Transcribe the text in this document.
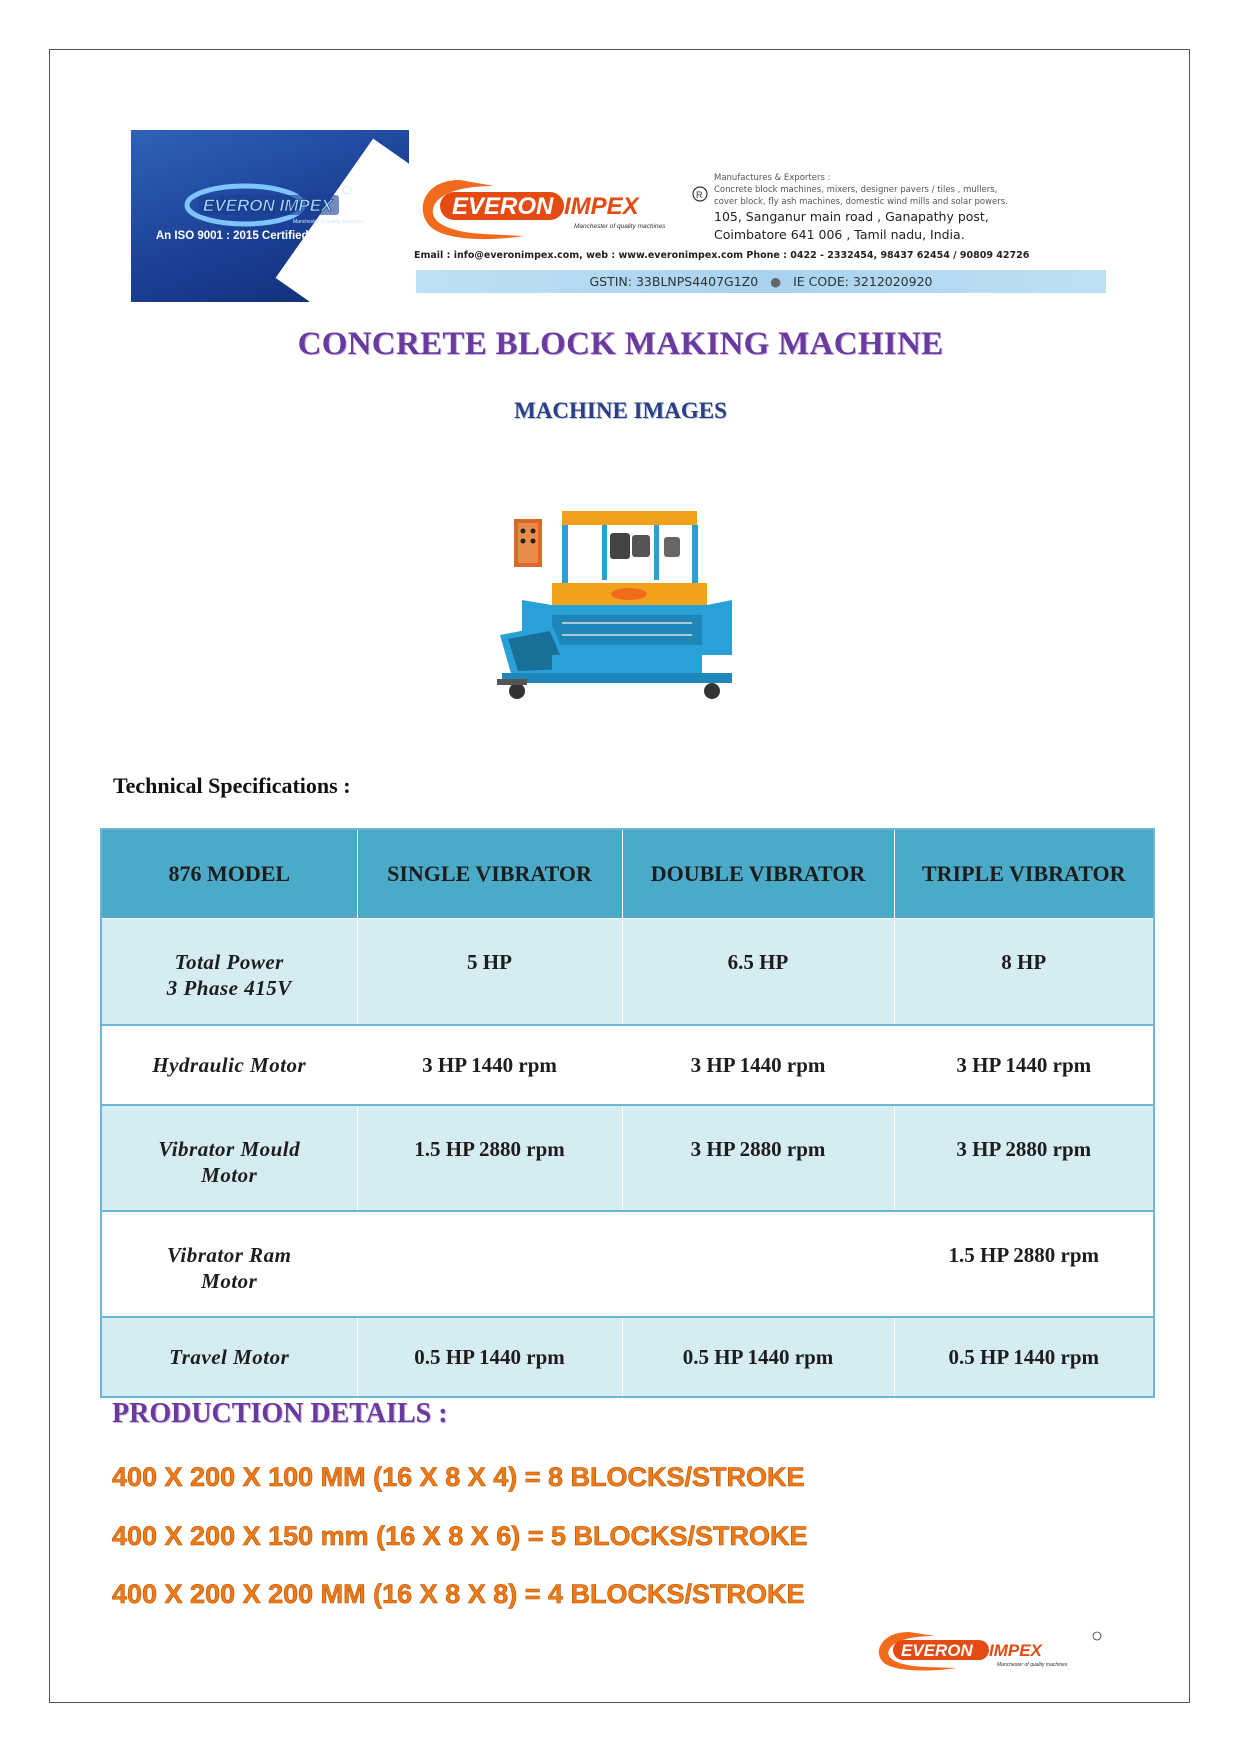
EVERON IMPEX
Manchester of quality machines
An ISO 9001 : 2015 Certified Company
EVERON IMPEX
Manchester of quality machines
R
Manufactures & Exporters :
Concrete block machines, mixers, designer pavers / tiles , mullers,
cover block, fly ash machines, domestic wind mills and solar powers.
105, Sanganur main road , Ganapathy post,
Coimbatore 641 006 , Tamil nadu, India.
Email : info@everonimpex.com, web : www.everonimpex.com Phone : 0422 - 2332454, 98437 62454 / 90809 42726
GSTIN: 33BLNPS4407G1Z0 ● IE CODE: 3212020920
CONCRETE BLOCK MAKING MACHINE
MACHINE IMAGES
Technical Specifications :
876 MODEL	SINGLE VIBRATOR	DOUBLE VIBRATOR	TRIPLE VIBRATOR
Total Power
3 Phase 415V	5 HP	6.5 HP	8 HP
Hydraulic Motor	3 HP 1440 rpm	3 HP 1440 rpm	3 HP 1440 rpm
Vibrator Mould
Motor	1.5 HP 2880 rpm	3 HP 2880 rpm	3 HP 2880 rpm
Vibrator Ram
Motor			1.5 HP 2880 rpm
Travel Motor	0.5 HP 1440 rpm	0.5 HP 1440 rpm	0.5 HP 1440 rpm
PRODUCTION DETAILS :
400 X 200 X 100 MM (16 X 8 X 4) = 8 BLOCKS/STROKE
400 X 200 X 150 mm (16 X 8 X 6) = 5 BLOCKS/STROKE
400 X 200 X 200 MM (16 X 8 X 8) = 4 BLOCKS/STROKE
EVERON IMPEX
Manchester of quality machines
